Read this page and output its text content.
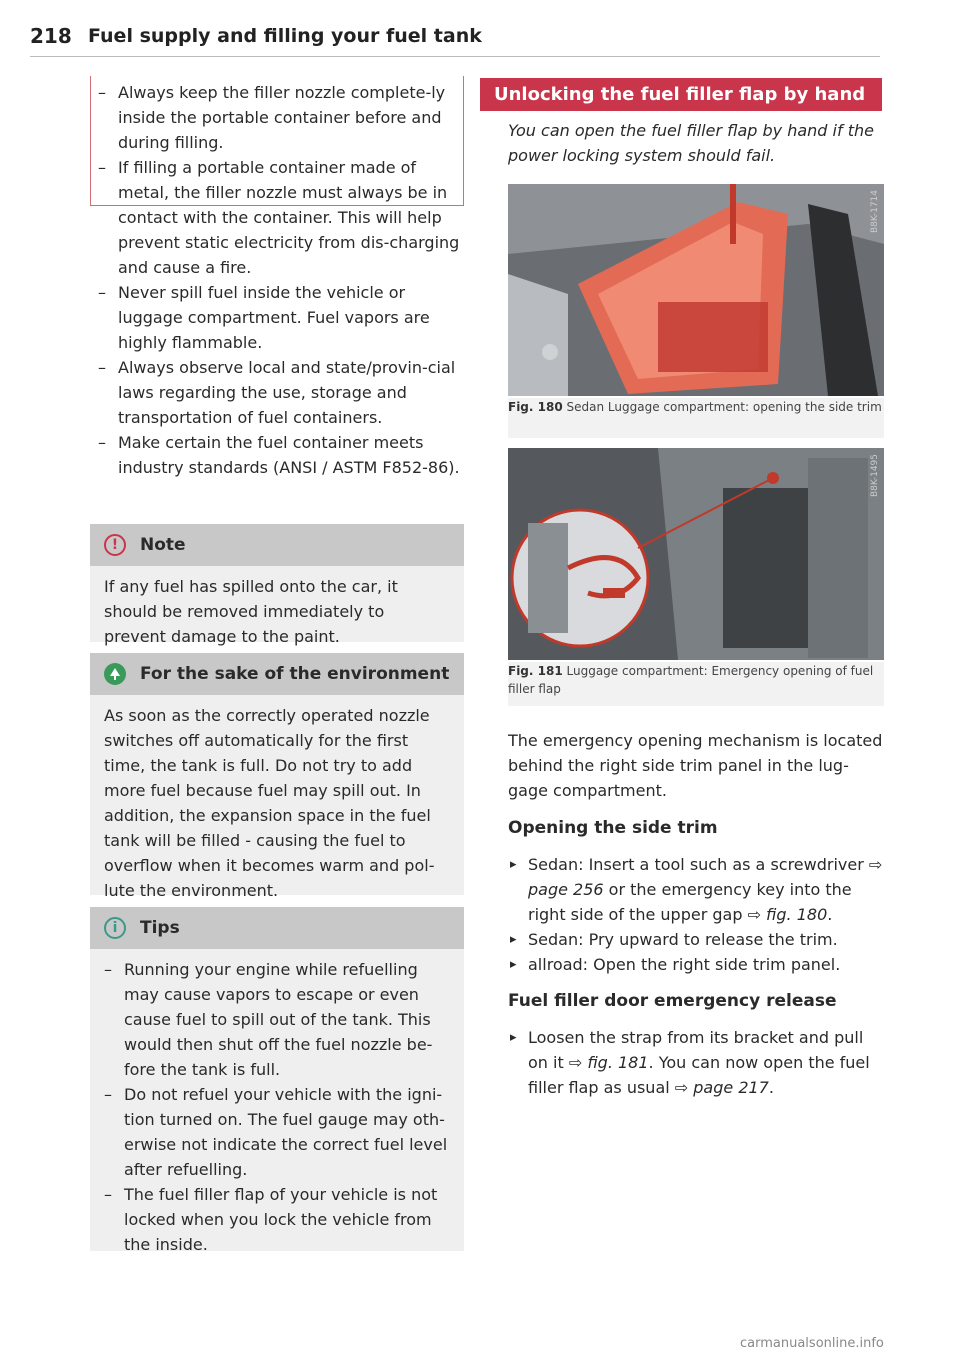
218 Fuel supply and filling your fuel tank
– Always keep the filler nozzle complete-ly inside the portable container before and during filling.
– If filling a portable container made of metal, the filler nozzle must always be in contact with the container. This will help prevent static electricity from dis-charging and cause a fire.
– Never spill fuel inside the vehicle or luggage compartment. Fuel vapors are highly flammable.
– Always observe local and state/provin-cial laws regarding the use, storage and transportation of fuel containers.
– Make certain the fuel container meets industry standards (ANSI / ASTM F852-86).
!	Note
If any fuel has spilled onto the car, it should be removed immediately to prevent damage to the paint.
For the sake of the environment
As soon as the correctly operated nozzle switches off automatically for the first time, the tank is full. Do not try to add more fuel because fuel may spill out. In addition, the expansion space in the fuel tank will be filled - causing the fuel to overflow when it becomes warm and pol-lute the environment.
i	Tips
– Running your engine while refuelling may cause vapors to escape or even cause fuel to spill out of the tank. This would then shut off the fuel nozzle be-fore the tank is full.
– Do not refuel your vehicle with the igni-tion turned on. The fuel gauge may oth-erwise not indicate the correct fuel level after refuelling.
– The fuel filler flap of your vehicle is not locked when you lock the vehicle from the inside.
Unlocking the fuel filler flap by hand
You can open the fuel filler flap by hand if the power locking system should fail.
B8K-1714
Fig. 180 Sedan Luggage compartment: opening the side trim
B8K-1495
Fig. 181 Luggage compartment: Emergency opening of fuel filler flap
The emergency opening mechanism is located behind the right side trim panel in the lug-gage compartment.
Opening the side trim
▸ Sedan: Insert a tool such as a screwdriver ⇨ page 256 or the emergency key into the right side of the upper gap ⇨ fig. 180.
▸ Sedan: Pry upward to release the trim.
▸ allroad: Open the right side trim panel.
Fuel filler door emergency release
▸ Loosen the strap from its bracket and pull on it ⇨ fig. 181. You can now open the fuel filler flap as usual ⇨ page 217.
carmanualsonline.info
